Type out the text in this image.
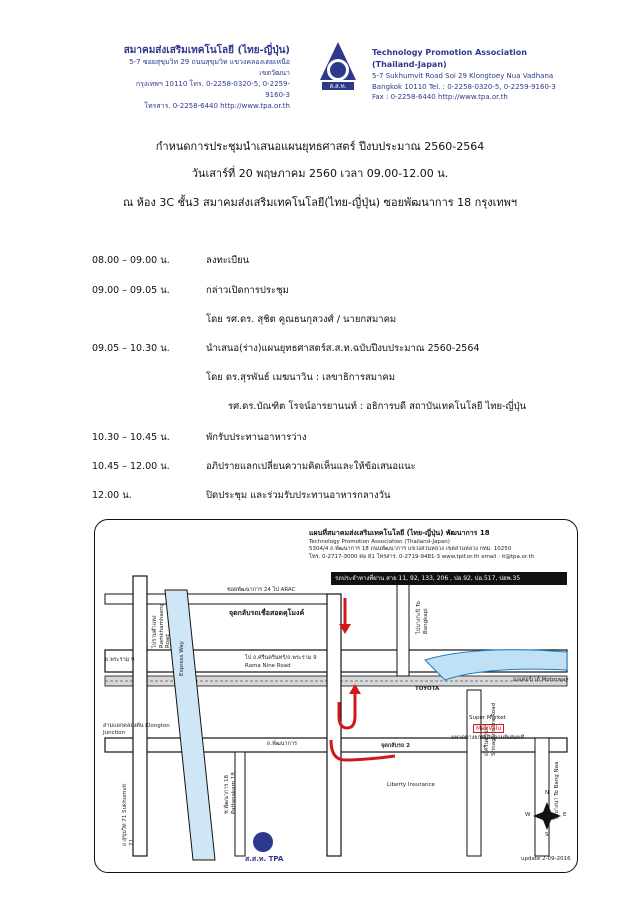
สมาคมส่งเสริมเทคโนโลยี (ไทย-ญี่ปุ่น)
5-7 ซอยสุขุมวิท 29 ถนนสุขุมวิท แขวงคลองเตยเหนือ เขตวัฒนา
กรุงเทพฯ 10110 โทร. 0-2258-0320-5, 0-2259-9160-3
โทรสาร. 0-2258-6440 http://www.tpa.or.th
ส.ส.ท.
Technology Promotion Association (Thailand-Japan)
5-7 Sukhumvit Road Soi 29 Klongtoey Nua Vadhana
Bangkok 10110 Tel. : 0-2258-0320-5, 0-2259-9160-3
Fax : 0-2258-6440 http://www.tpa.or.th
กำหนดการประชุมนำเสนอแผนยุทธศาสตร์ ปีงบประมาณ 2560-2564
วันเสาร์ที่ 20 พฤษภาคม 2560 เวลา 09.00-12.00 น.
ณ ห้อง 3C ชั้น3 สมาคมส่งเสริมเทคโนโลยี(ไทย-ญี่ปุ่น) ซอยพัฒนาการ 18 กรุงเทพฯ
08.00 – 09.00 น.	ลงทะเบียน
09.00 – 09.05 น.	กล่าวเปิดการประชุม
โดย รศ.ดร. สุชิต คูณธนกุลวงศ์ / นายกสมาคม
09.05 – 10.30 น.	นำเสนอ(ร่าง)แผนยุทธศาสตร์ส.ส.ท.ฉบับปีงบประมาณ 2560-2564
โดย ดร.สุรพันธ์ เมฆนาวิน : เลขาธิการสมาคม
รศ.ดร.บัณฑิต โรจน์อารยานนท์ : อธิการบดี สถาบันเทคโนโลยี ไทย-ญี่ปุ่น
10.30 – 10.45 น.	พักรับประทานอาหารว่าง
10.45 – 12.00 น.	อภิปรายแลกเปลี่ยนความคิดเห็นและให้ข้อเสนอแนะ
12.00 น.	ปิดประชุม และร่วมรับประทานอาหารกลางวัน
แผนที่สมาคมส่งเสริมเทคโนโลยี (ไทย-ญี่ปุ่น) พัฒนาการ 18
Technology Promotion Association (Thailand-Japan)
5304/4 ถ.พัฒนาการ 18 ถนนพัฒนาการ แขวงสวนหลวง เขตสวนหลวง กทม. 10250
โทร. 0-2717-3000 ต่อ 81 โทรสาร. 0-2719-9481-3 www.tpif.or.th email : it@tpa.or.th
รถประจำทางที่ผ่าน สาย 11, 92, 133, 206 , ปอ.92, ปอ.517, ปอพ.35
ซอยพัฒนาการ 24 ไป ARAC
จุดกลับรถเชื่อสอดคุโมงค์
ไป ถ.ศรีนครินทร์/ถ.พระราม 9
Rama Nine Road
ถ.พระราม 9
ไปรามคำแหง Ramkhamhaeng Road
ไปบางกะปิ To Bangkapi
Express Way
มอเตอร์เวย์ Motorway
ถ.ศรีนครินทร์ Srinagarindra Road
TOYOTA
ถ.พัฒนาการ
ซ.พัฒนาการ 18 Pattanakarn 18
ถ.สุขุมวิท 71 Sukhumvit 71
สามแยกคลองตัน Klongton Junction
จุดกลับรถ 2
Super Market
MaxValu
Liberty Insurance	ไปบางนา To Bang Naa
ส.ส.ท. TPA
มหาดทางยกระดับคามพิเศษนที
N
S
E
W
update 2-09-2016
